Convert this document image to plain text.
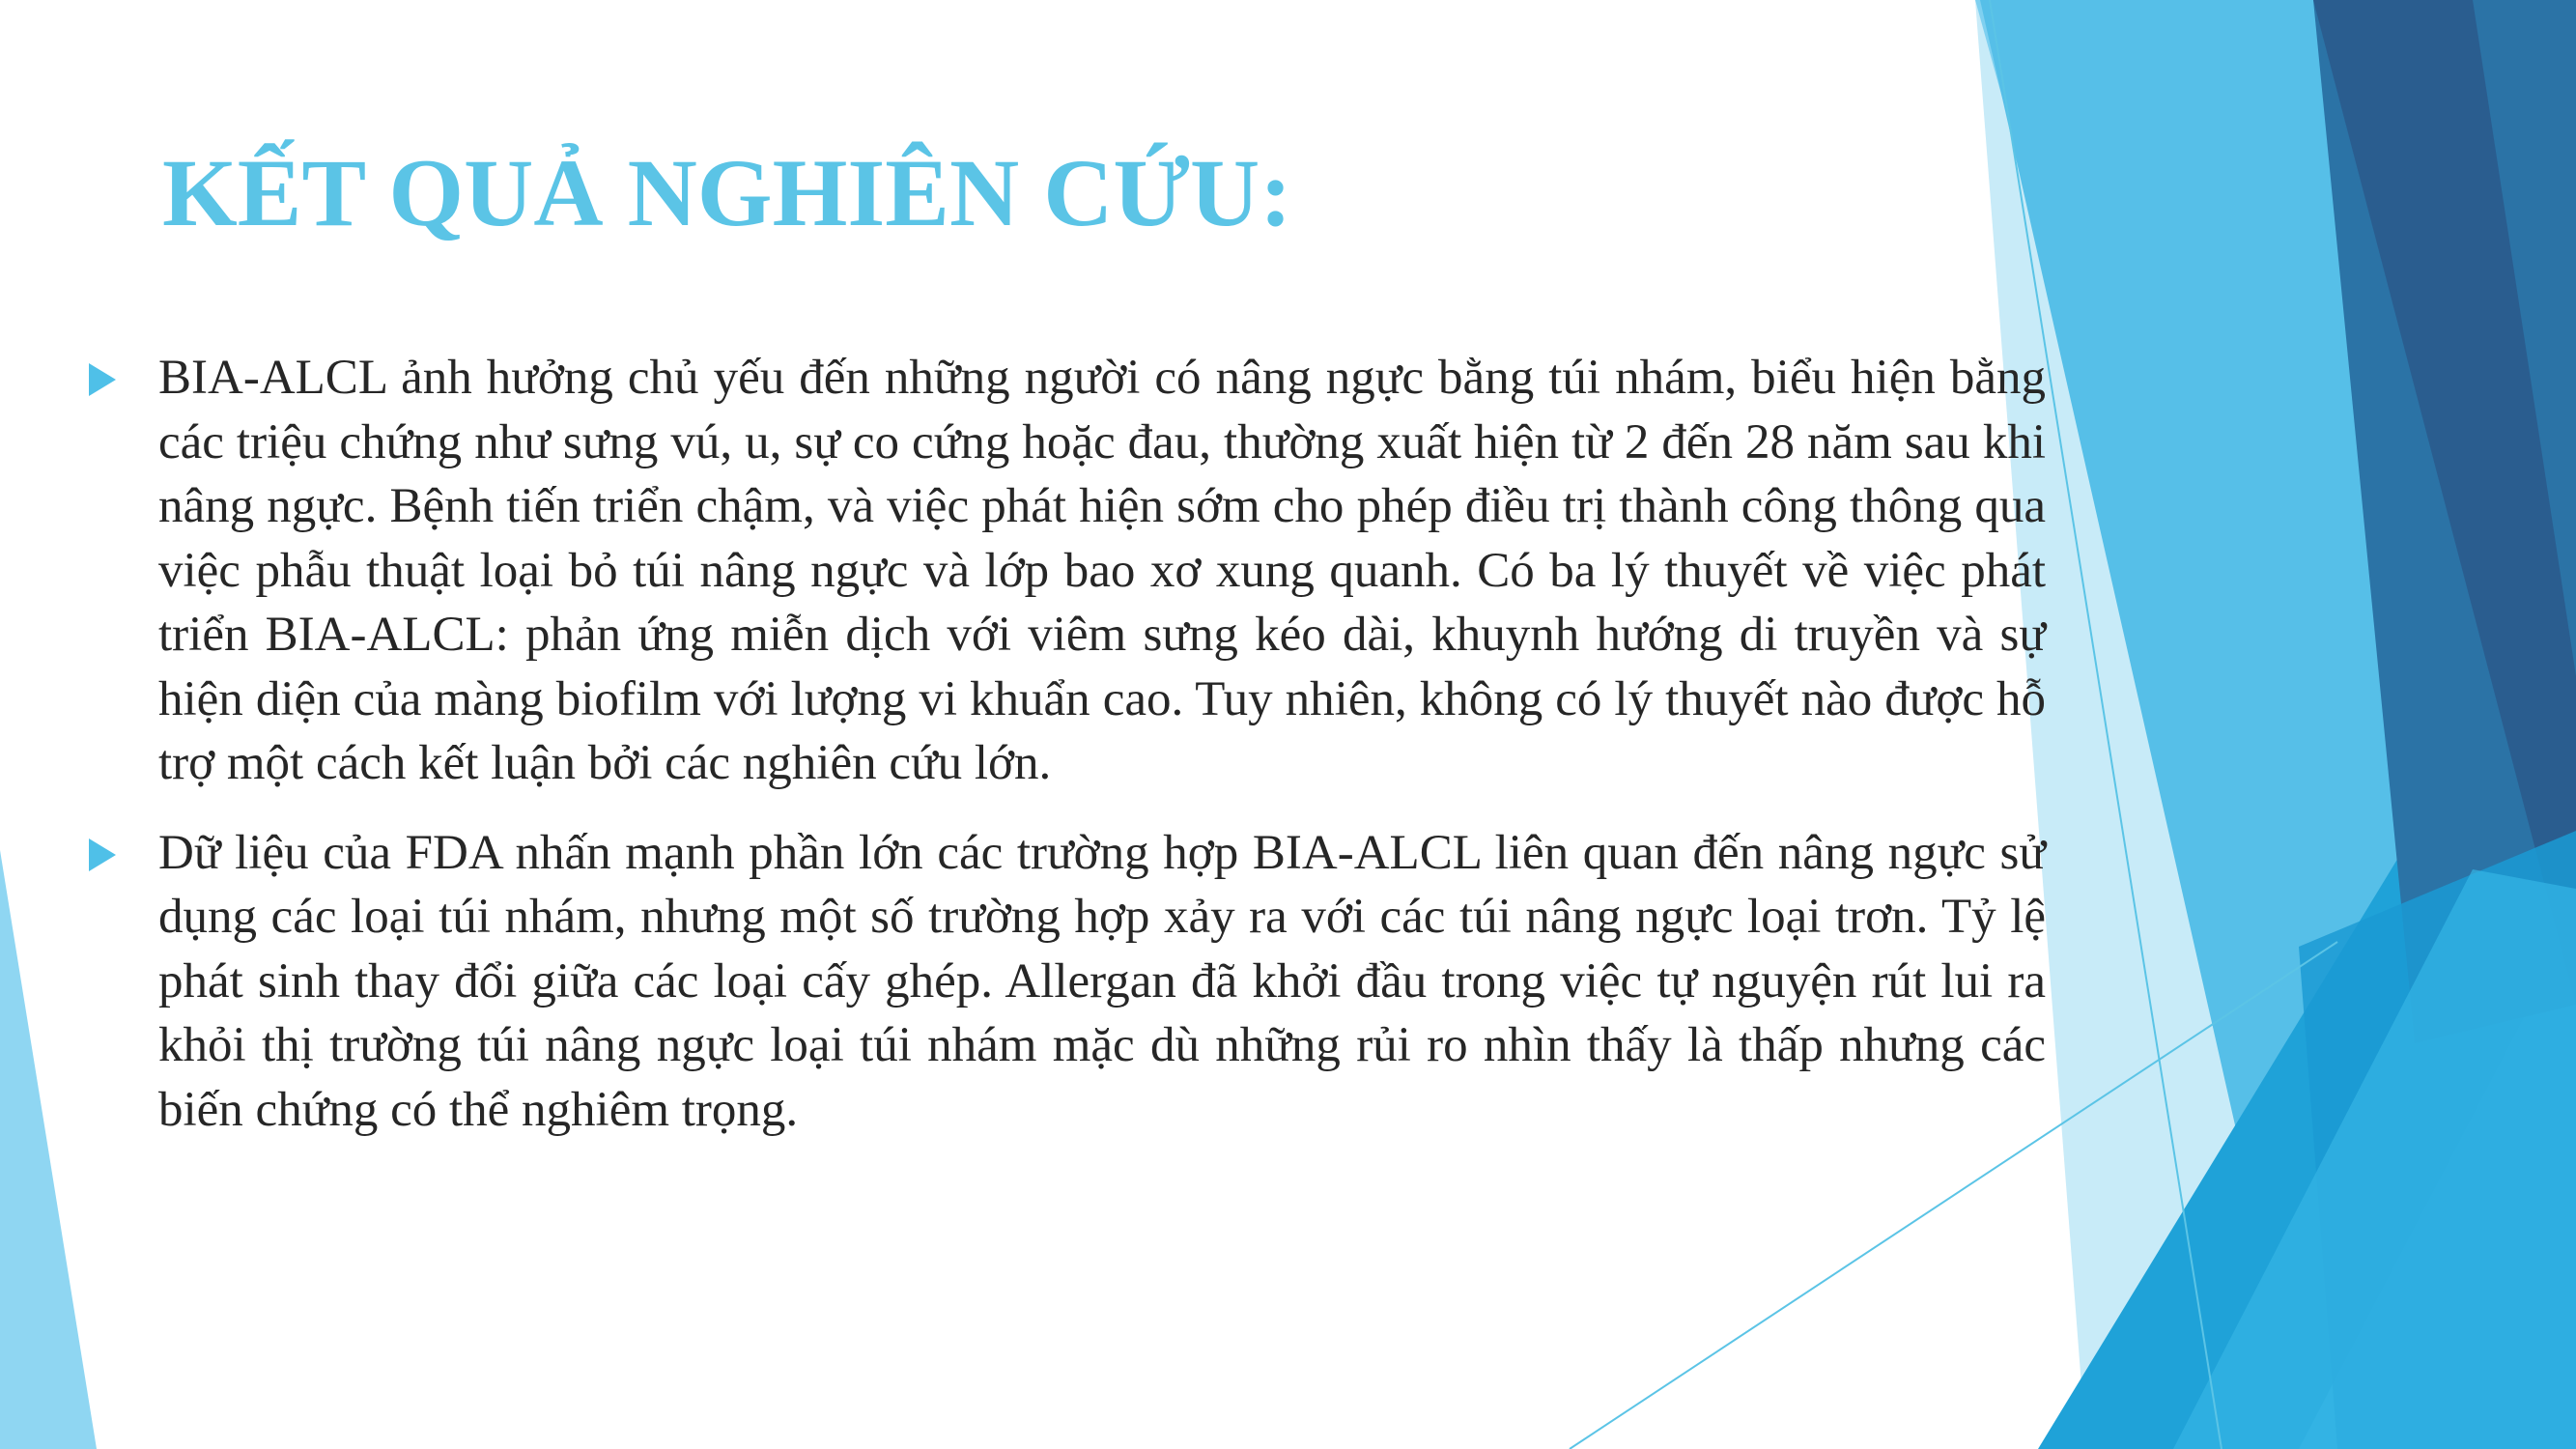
KẾT QUẢ NGHIÊN CỨU:
BIA-ALCL ảnh hưởng chủ yếu đến những người có nâng ngực bằng túi nhám, biểu hiện bằng các triệu chứng như sưng vú, u, sự co cứng hoặc đau, thường xuất hiện từ 2 đến 28 năm sau khi nâng ngực. Bệnh tiến triển chậm, và việc phát hiện sớm cho phép điều trị thành công thông qua việc phẫu thuật loại bỏ túi nâng ngực và lớp bao xơ xung quanh. Có ba lý thuyết về việc phát triển BIA-ALCL: phản ứng miễn dịch với viêm sưng kéo dài, khuynh hướng di truyền và sự hiện diện của màng biofilm với lượng vi khuẩn cao. Tuy nhiên, không có lý thuyết nào được hỗ trợ một cách kết luận bởi các nghiên cứu lớn.
Dữ liệu của FDA nhấn mạnh phần lớn các trường hợp BIA-ALCL liên quan đến nâng ngực sử dụng các loại túi nhám, nhưng một số trường hợp xảy ra với các túi nâng ngực loại trơn. Tỷ lệ phát sinh thay đổi giữa các loại cấy ghép. Allergan đã khởi đầu trong việc tự nguyện rút lui ra khỏi thị trường túi nâng ngực loại túi nhám mặc dù những rủi ro nhìn thấy là thấp nhưng các biến chứng có thể nghiêm trọng.
